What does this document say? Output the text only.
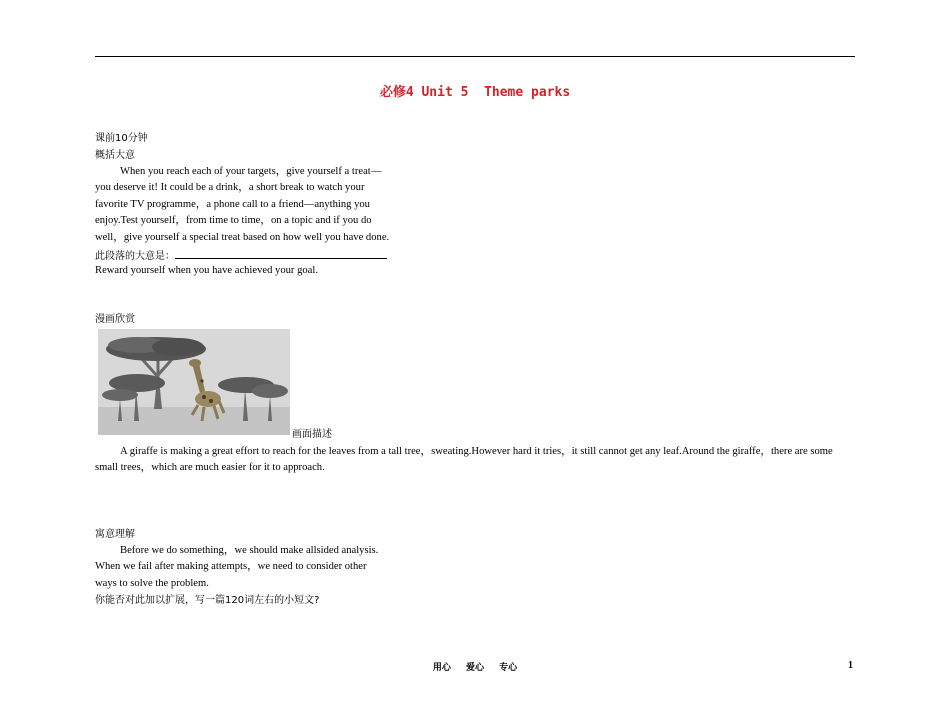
必修4 Unit 5  Theme parks
课前10分钟
概括大意
When you reach each of your targets，give yourself a treat—
you deserve it! It could be a drink，a short break to watch your
favorite TV programme，a phone call to a friend—anything you
enjoy.Test yourself，from time to time，on a topic and if you do
well，give yourself a special treat based on how well you have done.
此段落的大意是：
Reward yourself when you have achieved your goal.
漫画欣赏
画面描述
A giraffe is making a great effort to reach for the leaves from a tall tree，sweating.However hard it tries，it still cannot get any leaf.Around the giraffe，there are some
small trees，which are much easier for it to approach.
寓意理解
Before we do something，we should make allsided analysis.
When we fail after making attempts，we need to consider other
ways to solve the problem.
你能否对此加以扩展，写一篇120词左右的小短文?
用心 爱心 专心	1
